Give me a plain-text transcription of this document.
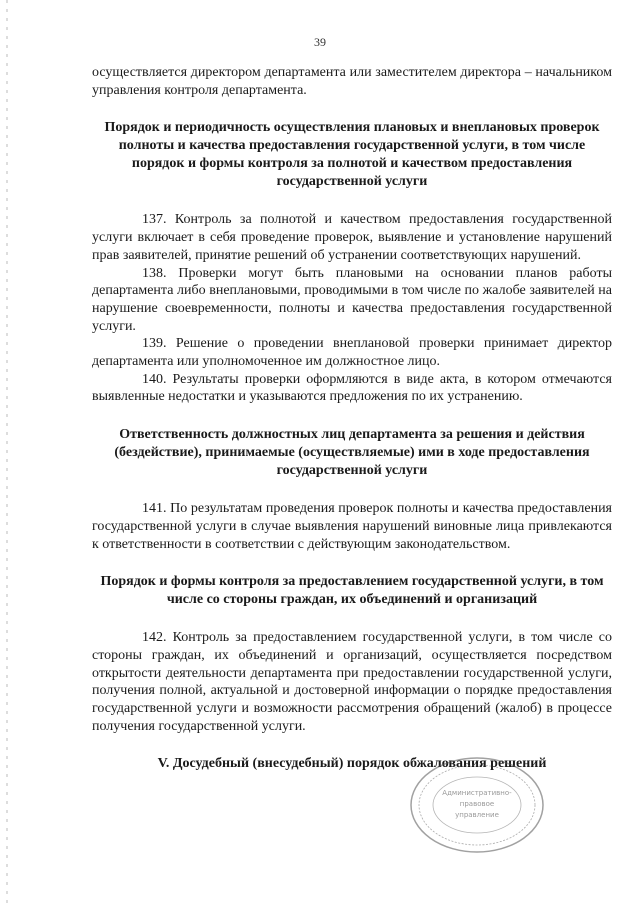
39

осуществляется директором департамента или заместителем директора – начальником управления контроля департамента.

Порядок и периодичность осуществления плановых и внеплановых проверок полноты и качества предоставления государственной услуги, в том числе порядок и формы контроля за полнотой и качеством предоставления государственной услуги

137. Контроль за полнотой и качеством предоставления государственной услуги включает в себя проведение проверок, выявление и установление нарушений прав заявителей, принятие решений об устранении соответствующих нарушений.

138. Проверки могут быть плановыми на основании планов работы департамента либо внеплановыми, проводимыми в том числе по жалобе заявителей на нарушение своевременности, полноты и качества предоставления государственной услуги.

139. Решение о проведении внеплановой проверки принимает директор департамента или уполномоченное им должностное лицо.

140. Результаты проверки оформляются в виде акта, в котором отмечаются выявленные недостатки и указываются предложения по их устранению.

Ответственность должностных лиц департамента за решения и действия (бездействие), принимаемые (осуществляемые) ими в ходе предоставления государственной услуги

141. По результатам проведения проверок полноты и качества предоставления государственной услуги в случае выявления нарушений виновные лица привлекаются к ответственности в соответствии с действующим законодательством.

Порядок и формы контроля за предоставлением государственной услуги, в том числе со стороны граждан, их объединений и организаций

142. Контроль за предоставлением государственной услуги, в том числе со стороны граждан, их объединений и организаций, осуществляется посредством открытости деятельности департамента при предоставлении государственной услуги, получения полной, актуальной и достоверной информации о порядке предоставления государственной услуги и возможности рассмотрения обращений (жалоб) в процессе получения государственной услуги.

V. Досудебный (внесудебный) порядок обжалования решений
Административно-
правовое
управление
